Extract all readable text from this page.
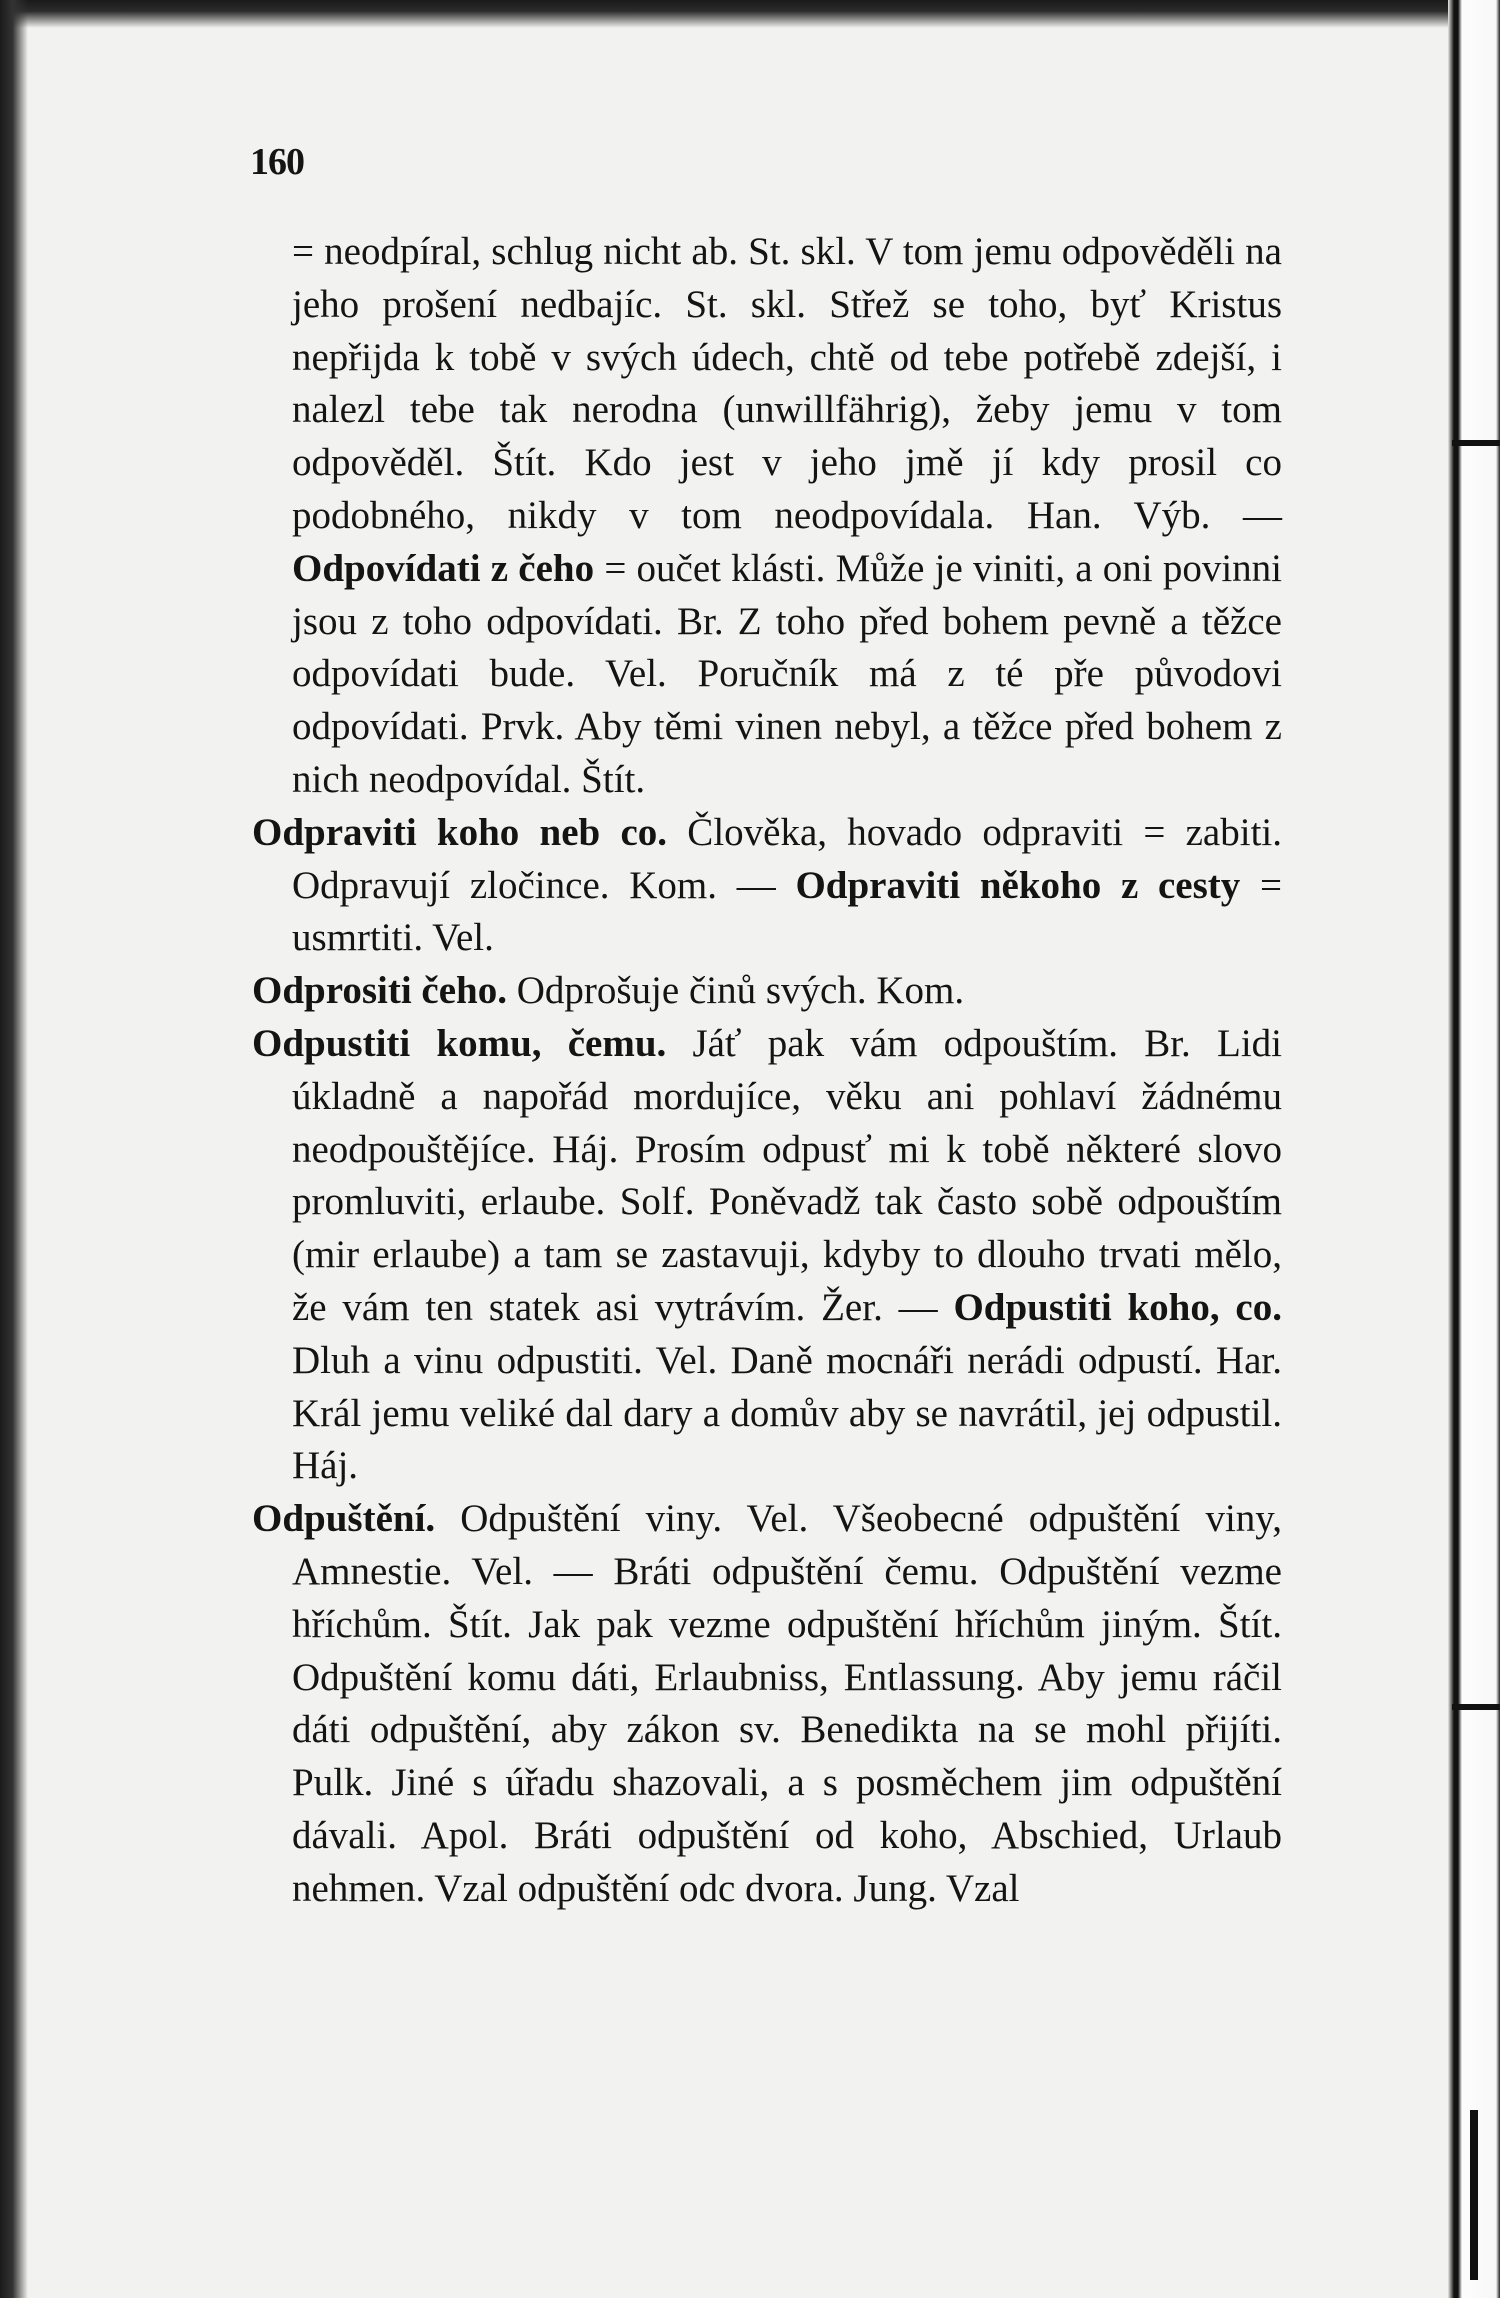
160

= neodpíral, schlug nicht ab. St. skl. V tom jemu odpověděli na jeho prošení nedbajíc. St. skl. Střež se toho, byť Kristus nepřijda k tobě v svých údech, chtě od tebe potřebě zdejší, i nalezl tebe tak nerodna (unwillfährig), žeby jemu v tom odpověděl. Štít. Kdo jest v jeho jmě jí kdy prosil co podobného, nikdy v tom neodpovídala. Han. Výb. — Odpovídati z čeho = oučet klásti. Může je viniti, a oni povinni jsou z toho odpovídati. Br. Z toho před bohem pevně a těžce odpovídati bude. Vel. Poručník má z té pře původovi odpovídati. Prvk. Aby těmi vinen nebyl, a těžce před bohem z nich neodpovídal. Štít.

Odpraviti koho neb co. Člověka, hovado odpraviti = zabiti. Odpravují zločince. Kom. — Odpraviti někoho z cesty = usmrtiti. Vel.

Odprositi čeho. Odprošuje činů svých. Kom.

Odpustiti komu, čemu. Jáť pak vám odpouštím. Br. Lidi úkladně a napořád mordujíce, věku ani pohlaví žádnému neodpouštějíce. Háj. Prosím odpusť mi k tobě některé slovo promluviti, erlaube. Solf. Poněvadž tak často sobě odpouštím (mir erlaube) a tam se zastavuji, kdyby to dlouho trvati mělo, že vám ten statek asi vytrávím. Žer. — Odpustiti koho, co. Dluh a vinu odpustiti. Vel. Daně mocnáři nerádi odpustí. Har. Král jemu veliké dal dary a domův aby se navrátil, jej odpustil. Háj.

Odpuštění. Odpuštění viny. Vel. Všeobecné odpuštění viny, Amnestie. Vel. — Bráti odpuštění čemu. Odpuštění vezme hříchům. Štít. Jak pak vezme odpuštění hříchům jiným. Štít. Odpuštění komu dáti, Erlaubniss, Entlassung. Aby jemu ráčil dáti odpuštění, aby zákon sv. Benedikta na se mohl přijíti. Pulk. Jiné s úřadu shazovali, a s posměchem jim odpuštění dávali. Apol. Bráti odpuštění od koho, Abschied, Urlaub nehmen. Vzal odpuštění odc dvora. Jung. Vzal
